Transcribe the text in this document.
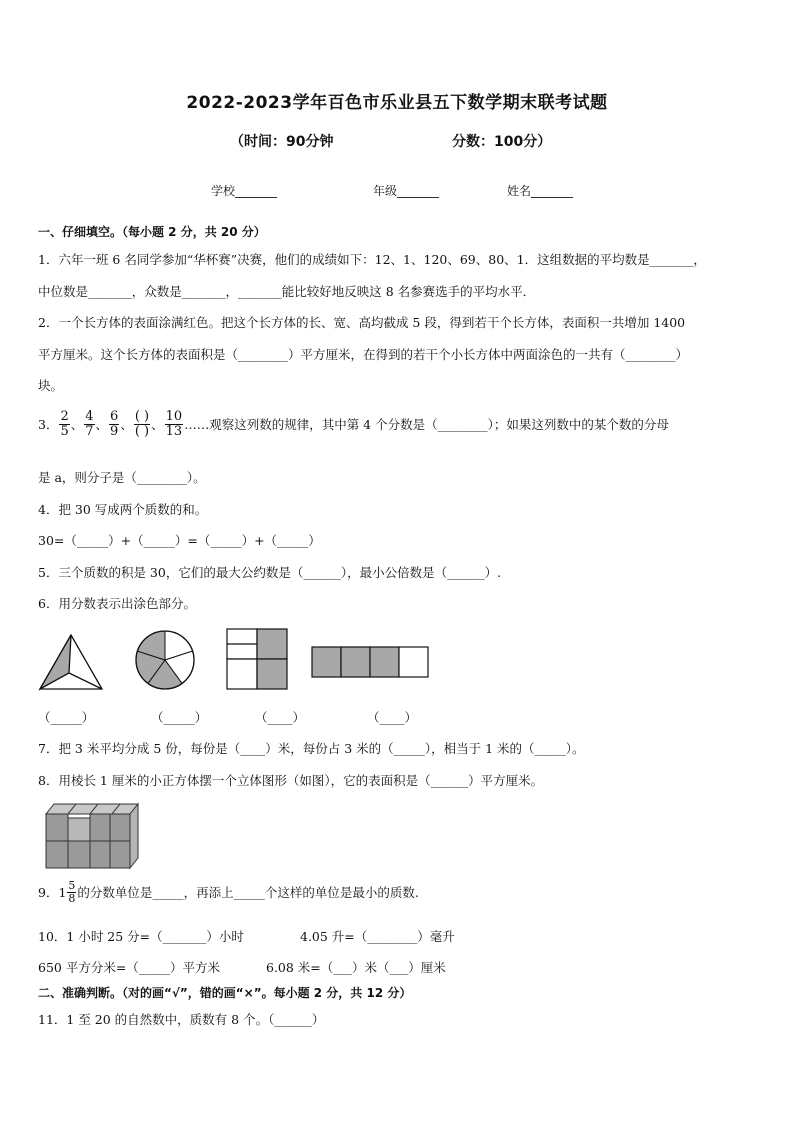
2022-2023学年百色市乐业县五下数学期末联考试题
（时间：90分钟	分数：100分）
学校_______	年级_______	姓名_______
一、仔细填空。（每小题 2 分，共 20 分）
1．六年一班 6 名同学参加“华杯赛”决赛，他们的成绩如下：12、1、120、69、80、1．这组数据的平均数是_______，
中位数是_______，众数是_______，_______能比较好地反映这 8 名参赛选手的平均水平．
2．一个长方体的表面涂满红色。把这个长方体的长、宽、高均截成 5 段，得到若干个长方体，表面积一共增加 1400
平方厘米。这个长方体的表面积是（________）平方厘米，在得到的若干个小长方体中两面涂色的一共有（________）
块。
3． $\frac{2}{5}$ 、 $\frac{4}{7}$ 、 $\frac{6}{9}$ 、 $\frac{( )}{( )}$ 、 $\frac{10}{13}$ ……观察这列数的规律，其中第 4 个分数是（________）；如果这列数中的某个数的分母
是 a，则分子是（________）。
4．把 30 写成两个质数的和。
30=（_____）+（_____）=（_____）+（_____）
5．三个质数的积是 30，它们的最大公约数是（______），最小公倍数是（______）.
6．用分数表示出涂色部分。
（_____）	（_____）	（____）	（____）
7．把 3 米平均分成 5 份，每份是（____）米，每份占 3 米的（_____），相当于 1 米的（_____）。
8．用棱长 1 厘米的小正方体摆一个立体图形（如图），它的表面积是（______）平方厘米。
9．$1 \frac{5}{8}$ 的分数单位是_____，再添上_____个这样的单位是最小的质数.
10．1 小时 25 分=（_______）小时	4.05 升=（________）毫升
650 平方分米=（_____）平方米	6.08 米=（___）米（___）厘米
二、准确判断。（对的画“√”，错的画“×”。每小题 2 分，共 12 分）
11．1 至 20 的自然数中，质数有 8 个。（______）
